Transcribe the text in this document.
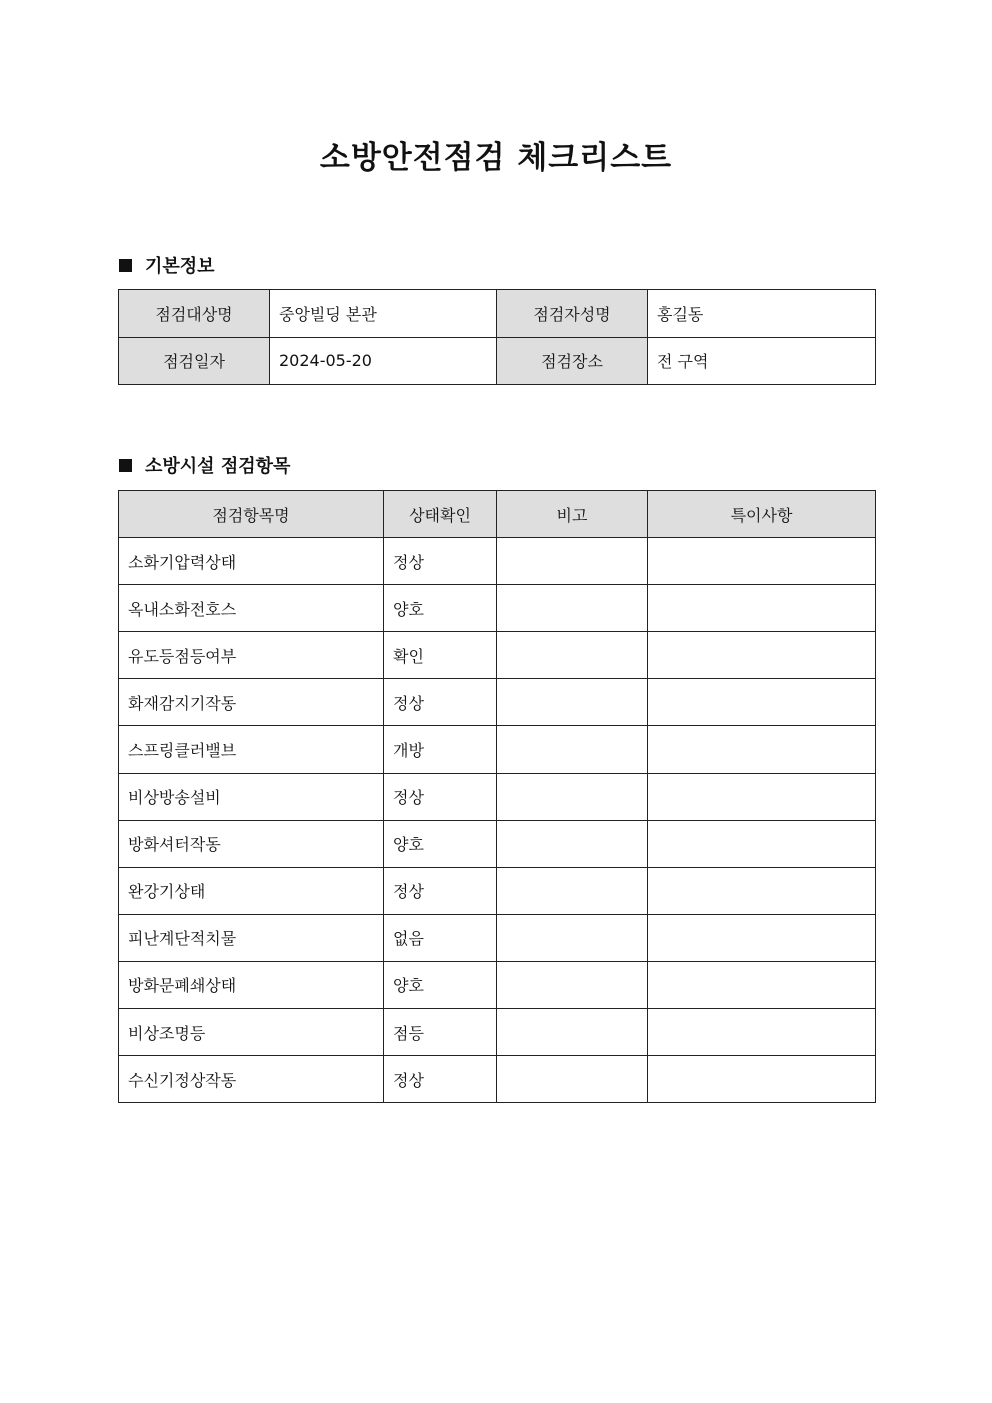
소방안전점검 체크리스트
기본정보
점검대상명	중앙빌딩 본관	점검자성명	홍길동
점검일자	2024-05-20	점검장소	전 구역
소방시설 점검항목
점검항목명	상태확인	비고	특이사항
소화기압력상태	정상		
옥내소화전호스	양호		
유도등점등여부	확인		
화재감지기작동	정상		
스프링클러밸브	개방		
비상방송설비	정상		
방화셔터작동	양호		
완강기상태	정상		
피난계단적치물	없음		
방화문폐쇄상태	양호		
비상조명등	점등		
수신기정상작동	정상		
